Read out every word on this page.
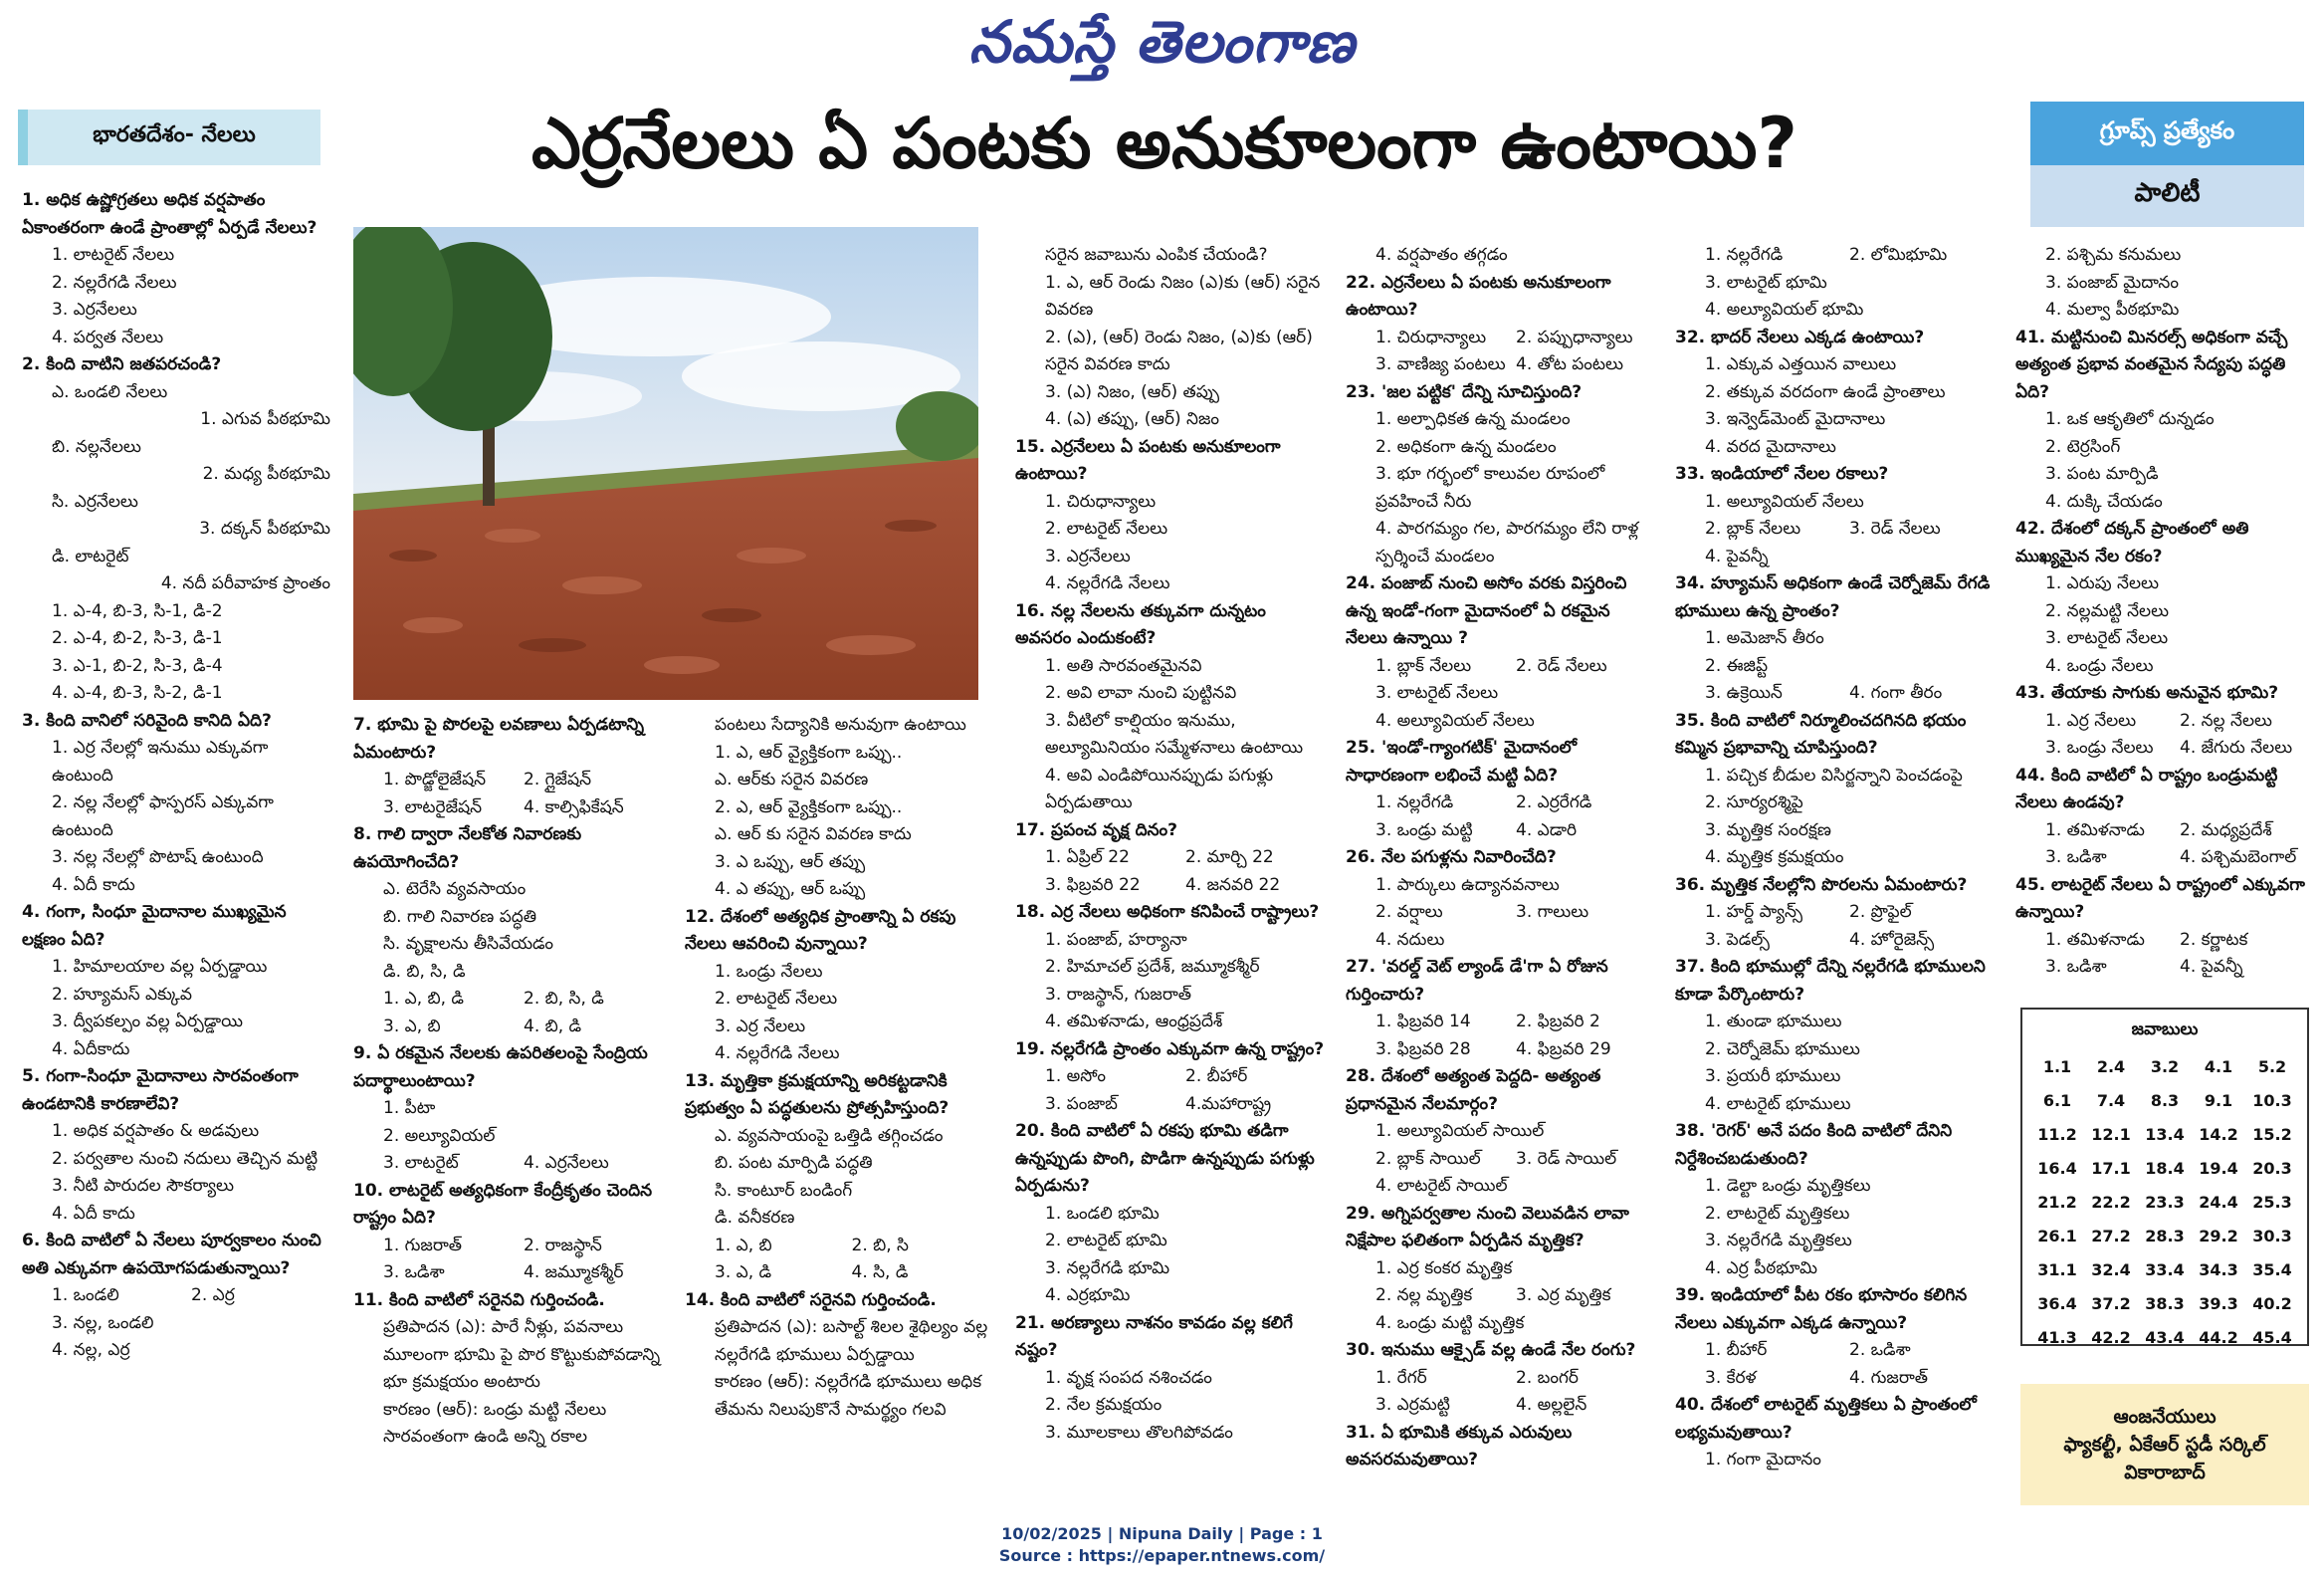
నమస్తే తెలంగాణ
భారతదేశం- నేలలు	ఎర్రనేలలు ఏ పంటకు అనుకూలంగా ఉంటాయి?	గ్రూప్స్ ప్రత్యేకం
పాలిటీ
1. అధిక ఉష్ణోగ్రతలు అధిక వర్షపాతం ఏకాంతరంగా ఉండే ప్రాంతాల్లో ఏర్పడే నేలలు?
1. లాటరైట్ నేలలు
2. నల్లరేగడి నేలలు
3. ఎర్రనేలలు
4. పర్వత నేలలు
2. కింది వాటిని జతపరచండి?
ఎ. ఒండలి నేలలు
1. ఎగువ పీఠభూమి
బి. నల్లనేలలు
2. మధ్య పీఠభూమి
సి. ఎర్రనేలలు
3. దక్కన్ పీఠభూమి
డి. లాటరైట్
4. నదీ పరీవాహక ప్రాంతం
1. ఎ-4, బి-3, సి-1, డి-2
2. ఎ-4, బి-2, సి-3, డి-1
3. ఎ-1, బి-2, సి-3, డి-4
4. ఎ-4, బి-3, సి-2, డి-1
3. కింది వానిలో సరివైంది కానిది ఏది?
1. ఎర్ర నేలల్లో ఇనుము ఎక్కువగా ఉంటుంది
2. నల్ల నేలల్లో ఫాస్పరస్ ఎక్కువగా ఉంటుంది
3. నల్ల నేలల్లో పొటాష్ ఉంటుంది
4. ఏదీ కాదు
4. గంగా, సింధూ మైదానాల ముఖ్యమైన లక్షణం ఏది?
1. హిమాలయాల వల్ల ఏర్పడ్డాయి
2. హ్యూమస్ ఎక్కువ
3. ద్వీపకల్పం వల్ల ఏర్పడ్డాయి
4. ఏదీకాదు
5. గంగా-సింధూ మైదానాలు సారవంతంగా ఉండటానికి కారణాలేవి?
1. అధిక వర్షపాతం & అడవులు
2. పర్వతాల నుంచి నదులు తెచ్చిన మట్టి
3. నీటి పారుదల సౌకర్యాలు
4. ఏదీ కాదు
6. కింది వాటిలో ఏ నేలలు పూర్వకాలం నుంచి అతి ఎక్కువగా ఉపయోగపడుతున్నాయి?
1. ఒండలి	2. ఎర్ర
3. నల్ల, ఒండలి
4. నల్ల, ఎర్ర
7. భూమి పై పొరలపై లవణాలు ఏర్పడటాన్ని ఏమంటారు?
1. పొడ్జోలైజేషన్	2. గ్లైజేషన్
3. లాటరైజేషన్	4. కాల్సిఫికేషన్
8. గాలి ద్వారా నేలకోత నివారణకు ఉపయోగించేది?
ఎ. టెరేసి వ్యవసాయం
బి. గాలి నివారణ పద్ధతి
సి. వృక్షాలను తీసివేయడం
డి. బి, సి, డి
1. ఎ, బి, డి	2. బి, సి, డి
3. ఎ, బి	4. బి, డి
9. ఏ రకమైన నేలలకు ఉపరితలంపై సేంద్రియ పదార్థాలుంటాయి?
1. పీటా
2. అల్యూవియల్
3. లాటరైట్	4. ఎర్రనేలలు
10. లాటరైట్ అత్యధికంగా కేంద్రీకృతం చెందిన రాష్ట్రం ఏది?
1. గుజరాత్	2. రాజస్థాన్
3. ఒడిశా	4. జమ్మూకశ్మీర్
11. కింది వాటిలో సరైనవి గుర్తించండి.
ప్రతిపాదన (ఎ): పారే నీళ్లు, పవనాలు మూలంగా భూమి పై పొర కొట్టుకుపోవడాన్ని భూ క్రమక్షయం అంటారు
కారణం (ఆర్): ఒండ్రు మట్టి నేలలు సారవంతంగా ఉండి అన్ని రకాల
పంటలు సేద్యానికి అనువుగా ఉంటాయి
1. ఎ, ఆర్ వ్యైక్తికంగా ఒప్పు..
ఎ. ఆర్‌కు సరైన వివరణ
2. ఎ, ఆర్ వ్యైక్తికంగా ఒప్పు..
ఎ. ఆర్ కు సరైన వివరణ కాదు
3. ఎ ఒప్పు, ఆర్ తప్పు
4. ఎ తప్పు, ఆర్ ఒప్పు
12. దేశంలో అత్యధిక ప్రాంతాన్ని ఏ రకపు నేలలు ఆవరించి వున్నాయి?
1. ఒండ్రు నేలలు
2. లాటరైట్ నేలలు
3. ఎర్ర నేలలు
4. నల్లరేగడి నేలలు
13. మృత్తికా క్రమక్షయాన్ని అరికట్టడానికి ప్రభుత్వం ఏ పద్ధతులను ప్రోత్సహిస్తుంది?
ఎ. వ్యవసాయంపై ఒత్తిడి తగ్గించడం
బి. పంట మార్పిడి పద్ధతి
సి. కాంటూర్ బండింగ్
డి. వనీకరణ
1. ఎ, బి	2. బి, సి
3. ఎ, డి	4. సి, డి
14. కింది వాటిలో సరైనవి గుర్తించండి.
ప్రతిపాదన (ఎ): బసాల్ట్ శిలల శైథిల్యం వల్ల నల్లరేగడి భూములు ఏర్పడ్డాయి
కారణం (ఆర్): నల్లరేగడి భూములు అధిక తేమను నిలుపుకొనే సామర్థ్యం గలవి
సరైన జవాబును ఎంపిక చేయండి?
1. ఎ, ఆర్ రెండు నిజం (ఎ)కు (ఆర్) సరైన వివరణ
2. (ఎ), (ఆర్) రెండు నిజం, (ఎ)కు (ఆర్) సరైన వివరణ కాదు
3. (ఎ) నిజం, (ఆర్) తప్పు
4. (ఎ) తప్పు, (ఆర్) నిజం
15. ఎర్రనేలలు ఏ పంటకు అనుకూలంగా ఉంటాయి?
1. చిరుధాన్యాలు
2. లాటరైట్ నేలలు
3. ఎర్రనేలలు
4. నల్లరేగడి నేలలు
16. నల్ల నేలలను తక్కువగా దున్నటం అవసరం ఎందుకంటే?
1. అతి సారవంతమైనవి
2. అవి లావా నుంచి పుట్టినవి
3. వీటిలో కాల్షియం ఇనుము, అల్యూమినియం సమ్మేళనాలు ఉంటాయి
4. అవి ఎండిపోయినప్పుడు పగుళ్లు ఏర్పడుతాయి
17. ప్రపంచ వృక్ష దినం?
1. ఏప్రిల్ 22	2. మార్చి 22
3. ఫిబ్రవరి 22	4. జనవరి 22
18. ఎర్ర నేలలు అధికంగా కనిపించే రాష్ట్రాలు?
1. పంజాబ్, హర్యానా
2. హిమాచల్ ప్రదేశ్, జమ్మూకశ్మీర్
3. రాజస్థాన్, గుజరాత్
4. తమిళనాడు, ఆంధ్రప్రదేశ్
19. నల్లరేగడి ప్రాంతం ఎక్కువగా ఉన్న రాష్ట్రం?
1. అసోం	2. బీహార్
3. పంజాబ్	4.మహారాష్ట్ర
20. కింది వాటిలో ఏ రకపు భూమి తడిగా ఉన్నప్పుడు పొంగి, పొడిగా ఉన్నప్పుడు పగుళ్లు ఏర్పడును?
1. ఒండలి భూమి
2. లాటరైట్ భూమి
3. నల్లరేగడి భూమి
4. ఎర్రభూమి
21. అరణ్యాలు నాశనం కావడం వల్ల కలిగే నష్టం?
1. వృక్ష సంపద నశించడం
2. నేల క్రమక్షయం
3. మూలకాలు తొలగిపోవడం
4. వర్షపాతం తగ్గడం
22. ఎర్రనేలలు ఏ పంటకు అనుకూలంగా ఉంటాయి?
1. చిరుధాన్యాలు	2. పప్పుధాన్యాలు
3. వాణిజ్య పంటలు 4. తోట పంటలు
23. 'జల పట్టిక' దేన్ని సూచిస్తుంది?
1. అల్పాధికత ఉన్న మండలం
2. అధికంగా ఉన్న మండలం
3. భూ గర్భంలో కాలువల రూపంలో ప్రవహించే నీరు
4. పారగమ్యం గల, పారగమ్యం లేని రాళ్ల స్పర్శించే మండలం
24. పంజాబ్ నుంచి అసోం వరకు విస్తరించి ఉన్న ఇండో-గంగా మైదానంలో ఏ రకమైన నేలలు ఉన్నాయి ?
1. బ్లాక్ నేలలు	2. రెడ్ నేలలు
3. లాటరైట్ నేలలు
4. అల్యూవియల్ నేలలు
25. 'ఇండో-గ్యాంగటిక్' మైదానంలో సాధారణంగా లభించే మట్టి ఏది?
1. నల్లరేగడి	2. ఎర్రరేగడి
3. ఒండ్రు మట్టి	4. ఎడారి
26. నేల పగుళ్లను నివారించేది?
1. పార్కులు ఉద్యానవనాలు
2. వర్షాలు	3. గాలులు
4. నదులు
27. 'వరల్డ్ వెట్ ల్యాండ్ డే'గా ఏ రోజున గుర్తించారు?
1. ఫిబ్రవరి 14	2. ఫిబ్రవరి 2
3. ఫిబ్రవరి 28	4. ఫిబ్రవరి 29
28. దేశంలో అత్యంత పెద్దది- అత్యంత ప్రధానమైన నేలమార్గం?
1. అల్యూవియల్ సాయిల్
2. బ్లాక్ సాయిల్	3. రెడ్ సాయిల్
4. లాటరైట్ సాయిల్
29. అగ్నిపర్వతాల నుంచి వెలువడిన లావా నిక్షేపాల ఫలితంగా ఏర్పడిన మృత్తిక?
1. ఎర్ర కంకర మృత్తిక
2. నల్ల మృత్తిక	3. ఎర్ర మృత్తిక
4. ఒండ్రు మట్టి మృత్తిక
30. ఇనుము ఆక్సైడ్ వల్ల ఉండే నేల రంగు?
1. రేగర్	2. బంగర్
3. ఎర్రమట్టి	4. అల్లలైన్
31. ఏ భూమికి తక్కువ ఎరువులు అవసరమవుతాయి?
1. నల్లరేగడి	2. లోమిభూమి
3. లాటరైట్ భూమి
4. అల్యూవియల్ భూమి
32. భాదర్ నేలలు ఎక్కడ ఉంటాయి?
1. ఎక్కువ ఎత్తయిన వాలులు
2. తక్కువ వరదంగా ఉండే ప్రాంతాలు
3. ఇన్వెడ్‌మెంట్ మైదానాలు
4. వరద మైదానాలు
33. ఇండియాలో నేలల రకాలు?
1. అల్యూవియల్ నేలలు
2. బ్లాక్ నేలలు	3. రెడ్ నేలలు
4. పైవన్నీ
34. హ్యూమస్ అధికంగా ఉండే చెర్నోజెమ్ రేగడి భూములు ఉన్న ప్రాంతం?
1. అమెజాన్ తీరం
2. ఈజిప్ట్
3. ఉక్రెయిన్	4. గంగా తీరం
35. కింది వాటిలో నిర్మూలించదగినది భయం కమ్మిన ప్రభావాన్ని చూపిస్తుంది?
1. పచ్చిక బీడుల విసిర్జన్నాని పెంచడంపై
2. సూర్యరశ్మిపై
3. మృత్తిక సంరక్షణ
4. మృత్తిక క్రమక్షయం
36. మృత్తిక నేలల్లోని పొరలను ఏమంటారు?
1. హర్డ్ ప్యాన్స్	2. ప్రొఫైల్
3. పెడల్స్	4. హోరైజెన్స్
37. కింది భూముల్లో దేన్ని నల్లరేగడి భూములని కూడా పేర్కొంటారు?
1. తుండా భూములు
2. చెర్నోజెమ్ భూములు
3. ప్రయరీ భూములు
4. లాటరైట్ భూములు
38. 'రెగర్' అనే పదం కింది వాటిలో దేనిని నిర్దేశించబడుతుంది?
1. డెల్టా ఒండ్రు మృత్తికలు
2. లాటరైట్ మృత్తికలు
3. నల్లరేగడి మృత్తికలు
4. ఎర్ర పీఠభూమి
39. ఇండియాలో పీట రకం భూసారం కలిగిన నేలలు ఎక్కువగా ఎక్కడ ఉన్నాయి?
1. బీహార్	2. ఒడిశా
3. కేరళ	4. గుజరాత్
40. దేశంలో లాటరైట్ మృత్తికలు ఏ ప్రాంతంలో లభ్యమవుతాయి?
1. గంగా మైదానం
2. పశ్చిమ కనుమలు
3. పంజాబ్ మైదానం
4. మల్వా పీఠభూమి
41. మట్టినుంచి మినరల్స్ అధికంగా వచ్చే అత్యంత ప్రభావ వంతమైన సేద్యపు పద్ధతి ఏది?
1. ఒక ఆకృతిలో దున్నడం
2. టెర్రసింగ్
3. పంట మార్పిడి
4. దుక్కి చేయడం
42. దేశంలో దక్కన్ ప్రాంతంలో అతి ముఖ్యమైన నేల రకం?
1. ఎరుపు నేలలు
2. నల్లమట్టి నేలలు
3. లాటరైట్ నేలలు
4. ఒండ్రు నేలలు
43. తేయాకు సాగుకు అనువైన భూమి?
1. ఎర్ర నేలలు	2. నల్ల నేలలు
3. ఒండ్రు నేలలు	4. జేగురు నేలలు
44. కింది వాటిలో ఏ రాష్ట్రం ఒండ్రుమట్టి నేలలు ఉండవు?
1. తమిళనాడు	2. మధ్యప్రదేశ్
3. ఒడిశా	4. పశ్చిమబెంగాల్
45. లాటరైట్ నేలలు ఏ రాష్ట్రంలో ఎక్కువగా ఉన్నాయి?
1. తమిళనాడు	2. కర్ణాటక
3. ఒడిశా	4. పైవన్నీ
జవాబులు
1.1	2.4	3.2	4.1	5.2
6.1	7.4	8.3	9.1	10.3
11.2 12.1 13.4 14.2 15.2
16.4 17.1 18.4 19.4 20.3
21.2 22.2 23.3 24.4 25.3
26.1 27.2 28.3 29.2 30.3
31.1 32.4 33.4 34.3 35.4
36.4 37.2 38.3 39.3 40.2
41.3 42.2 43.4 44.2 45.4
ఆంజనేయులు
ఫ్యాకల్టీ, ఏకేఆర్ స్టడీ సర్కిల్
వికారాబాద్
10/02/2025 | Nipuna Daily | Page : 1
Source : https://epaper.ntnews.com/
